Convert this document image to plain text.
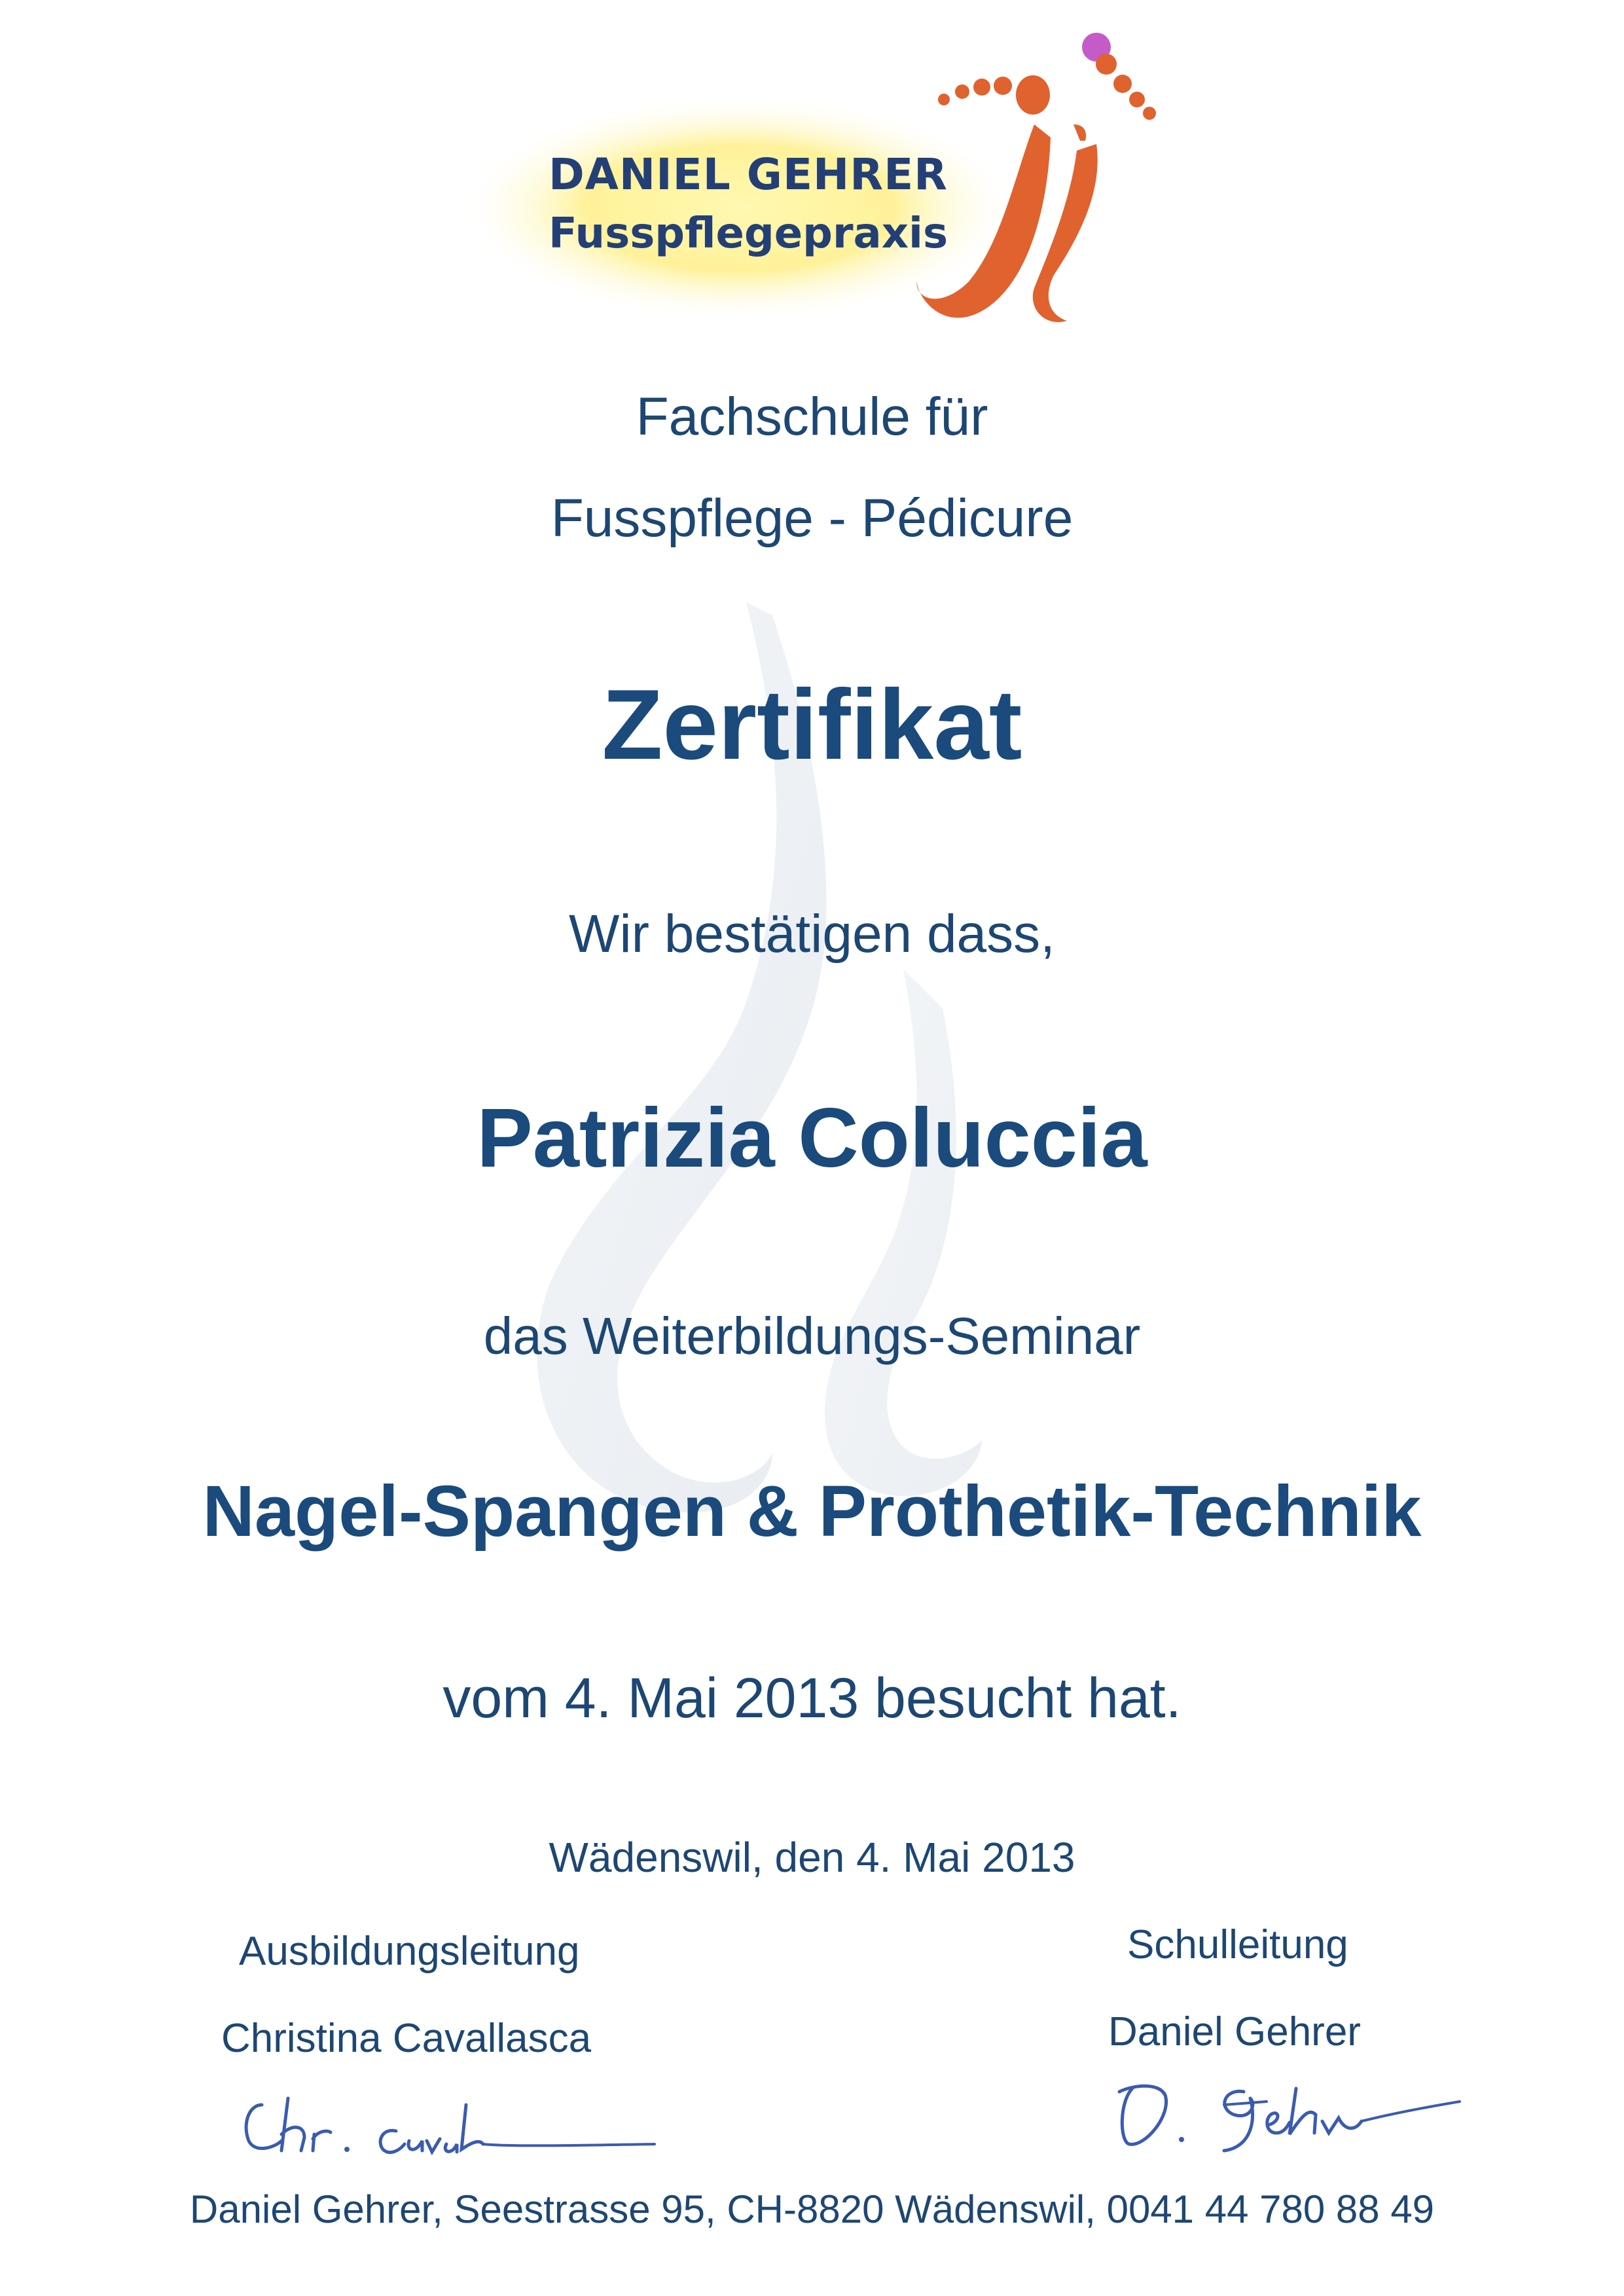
DANIEL GEHRER
Fusspflegepraxis
Fachschule für
Fusspflege - Pédicure
Zertifikat
Wir bestätigen dass,
Patrizia Coluccia
das Weiterbildungs-Seminar
Nagel-Spangen & Prothetik-Technik
vom 4. Mai 2013 besucht hat.
Wädenswil, den 4. Mai 2013
Ausbildungsleitung
Christina Cavallasca
Schulleitung
Daniel Gehrer
Daniel Gehrer, Seestrasse 95, CH-8820 Wädenswil, 0041 44 780 88 49
